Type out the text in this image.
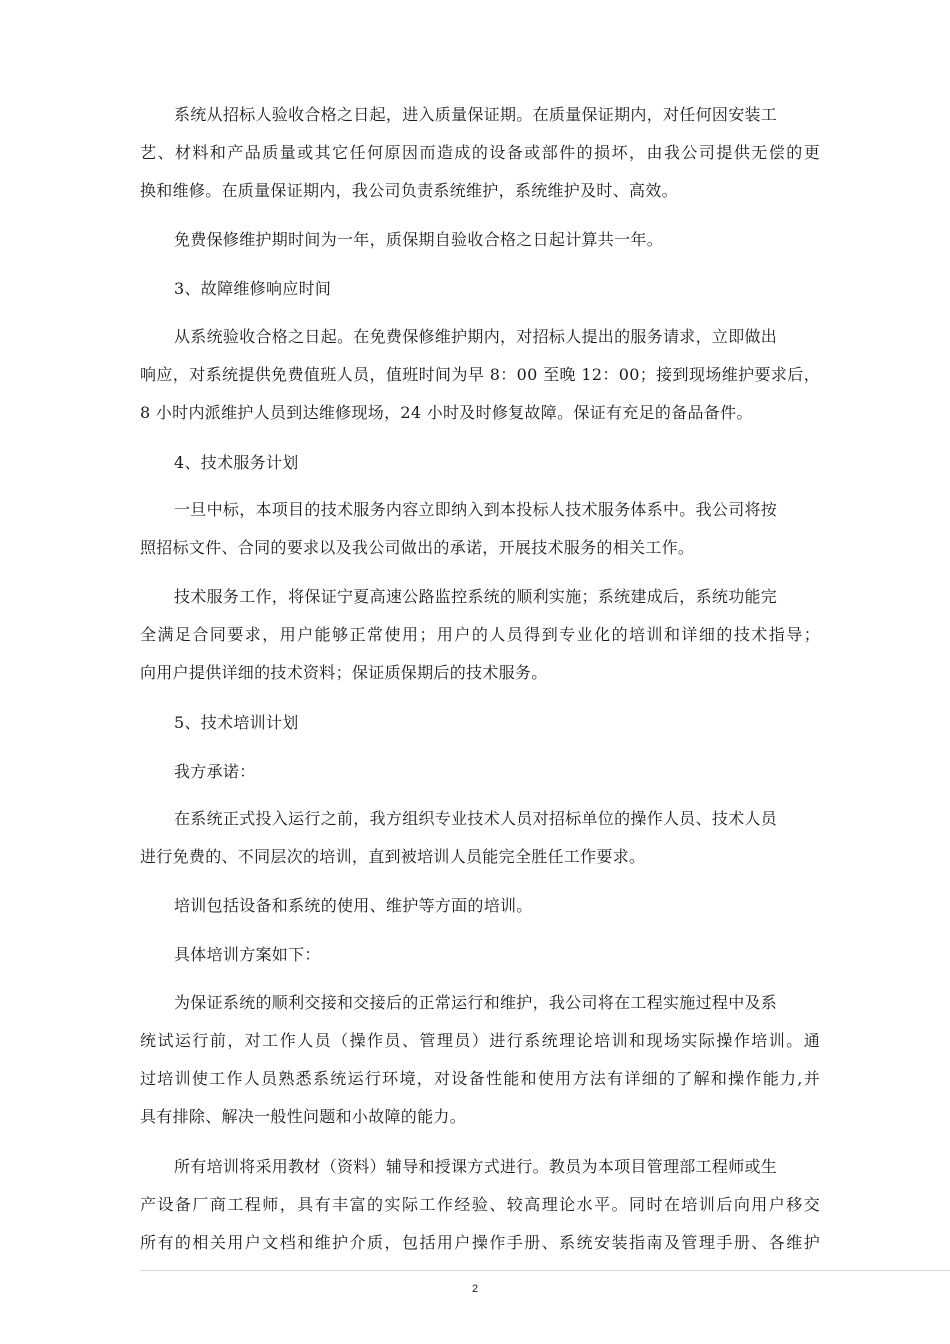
系统从招标人验收合格之日起，进入质量保证期。在质量保证期内，对任何因安装工
艺、材料和产品质量或其它任何原因而造成的设备或部件的损坏，由我公司提供无偿的更
换和维修。在质量保证期内，我公司负责系统维护，系统维护及时、高效。
免费保修维护期时间为一年，质保期自验收合格之日起计算共一年。
3、故障维修响应时间
从系统验收合格之日起。在免费保修维护期内，对招标人提出的服务请求，立即做出
响应，对系统提供免费值班人员，值班时间为早 8：00 至晚 12：00；接到现场维护要求后，
8 小时内派维护人员到达维修现场，24 小时及时修复故障。保证有充足的备品备件。
4、技术服务计划
一旦中标，本项目的技术服务内容立即纳入到本投标人技术服务体系中。我公司将按
照招标文件、合同的要求以及我公司做出的承诺，开展技术服务的相关工作。
技术服务工作，将保证宁夏高速公路监控系统的顺利实施；系统建成后，系统功能完
全满足合同要求，用户能够正常使用；用户的人员得到专业化的培训和详细的技术指导；
向用户提供详细的技术资料；保证质保期后的技术服务。
5、技术培训计划
我方承诺：
在系统正式投入运行之前，我方组织专业技术人员对招标单位的操作人员、技术人员
进行免费的、不同层次的培训，直到被培训人员能完全胜任工作要求。
培训包括设备和系统的使用、维护等方面的培训。
具体培训方案如下：
为保证系统的顺利交接和交接后的正常运行和维护，我公司将在工程实施过程中及系
统试运行前，对工作人员（操作员、管理员）进行系统理论培训和现场实际操作培训。通
过培训使工作人员熟悉系统运行环境，对设备性能和使用方法有详细的了解和操作能力,并
具有排除、解决一般性问题和小故障的能力。
所有培训将采用教材（资料）辅导和授课方式进行。教员为本项目管理部工程师或生
产设备厂商工程师，具有丰富的实际工作经验、较高理论水平。同时在培训后向用户移交
所有的相关用户文档和维护介质，包括用户操作手册、系统安装指南及管理手册、各维护
2
